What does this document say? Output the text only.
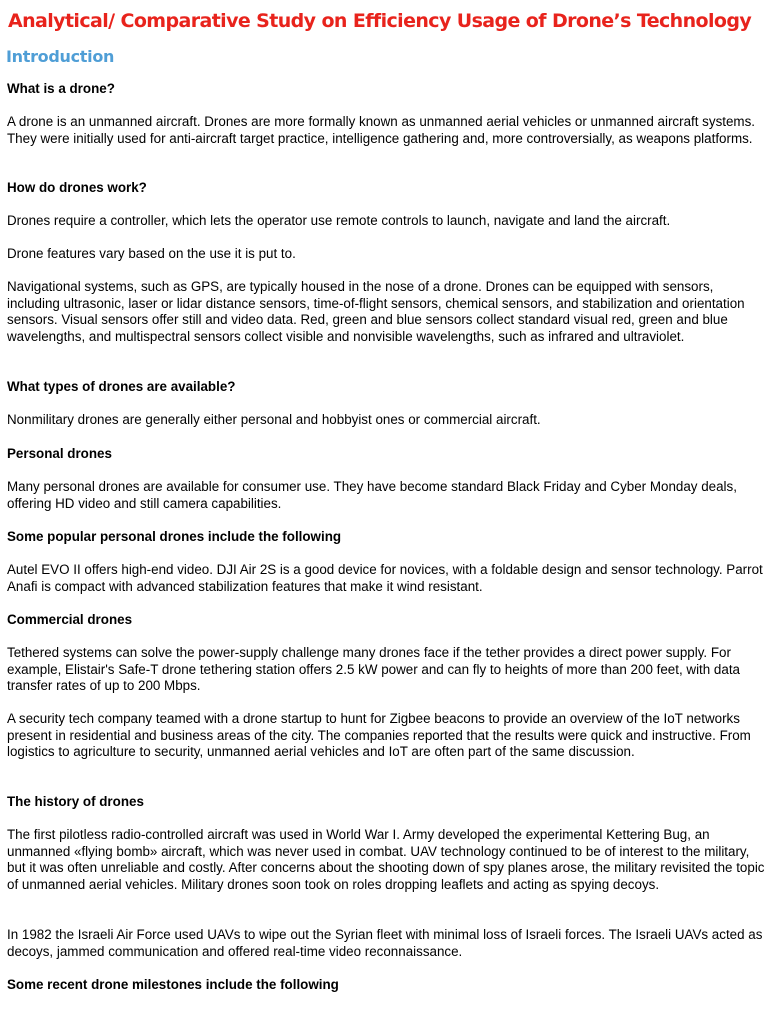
Analytical/ Comparative Study on Efficiency Usage of Drone’s Technology
Introduction

What is a drone?

A drone is an unmanned aircraft. Drones are more formally known as unmanned aerial vehicles or unmanned aircraft systems. They were initially used for anti-aircraft target practice, intelligence gathering and, more controversially, as weapons platforms.

How do drones work?

Drones require a controller, which lets the operator use remote controls to launch, navigate and land the aircraft.

Drone features vary based on the use it is put to.

Navigational systems, such as GPS, are typically housed in the nose of a drone. Drones can be equipped with sensors, including ultrasonic, laser or lidar distance sensors, time-of-flight sensors, chemical sensors, and stabilization and orientation sensors. Visual sensors offer still and video data. Red, green and blue sensors collect standard visual red, green and blue wavelengths, and multispectral sensors collect visible and nonvisible wavelengths, such as infrared and ultraviolet.

What types of drones are available?

Nonmilitary drones are generally either personal and hobbyist ones or commercial aircraft.

Personal drones

Many personal drones are available for consumer use. They have become standard Black Friday and Cyber Monday deals, offering HD video and still camera capabilities.

Some popular personal drones include the following

Autel EVO II offers high-end video. DJI Air 2S is a good device for novices, with a foldable design and sensor technology. Parrot Anafi is compact with advanced stabilization features that make it wind resistant.

Commercial drones

Tethered systems can solve the power-supply challenge many drones face if the tether provides a direct power supply. For example, Elistair's Safe-T drone tethering station offers 2.5 kW power and can fly to heights of more than 200 feet, with data transfer rates of up to 200 Mbps.

A security tech company teamed with a drone startup to hunt for Zigbee beacons to provide an overview of the IoT networks present in residential and business areas of the city. The companies reported that the results were quick and instructive. From logistics to agriculture to security, unmanned aerial vehicles and IoT are often part of the same discussion.

The history of drones

The first pilotless radio-controlled aircraft was used in World War I. Army developed the experimental Kettering Bug, an unmanned «flying bomb» aircraft, which was never used in combat. UAV technology continued to be of interest to the military, but it was often unreliable and costly. After concerns about the shooting down of spy planes arose, the military revisited the topic of unmanned aerial vehicles. Military drones soon took on roles dropping leaflets and acting as spying decoys.

In 1982 the Israeli Air Force used UAVs to wipe out the Syrian fleet with minimal loss of Israeli forces. The Israeli UAVs acted as decoys, jammed communication and offered real-time video reconnaissance.

Some recent drone milestones include the following
